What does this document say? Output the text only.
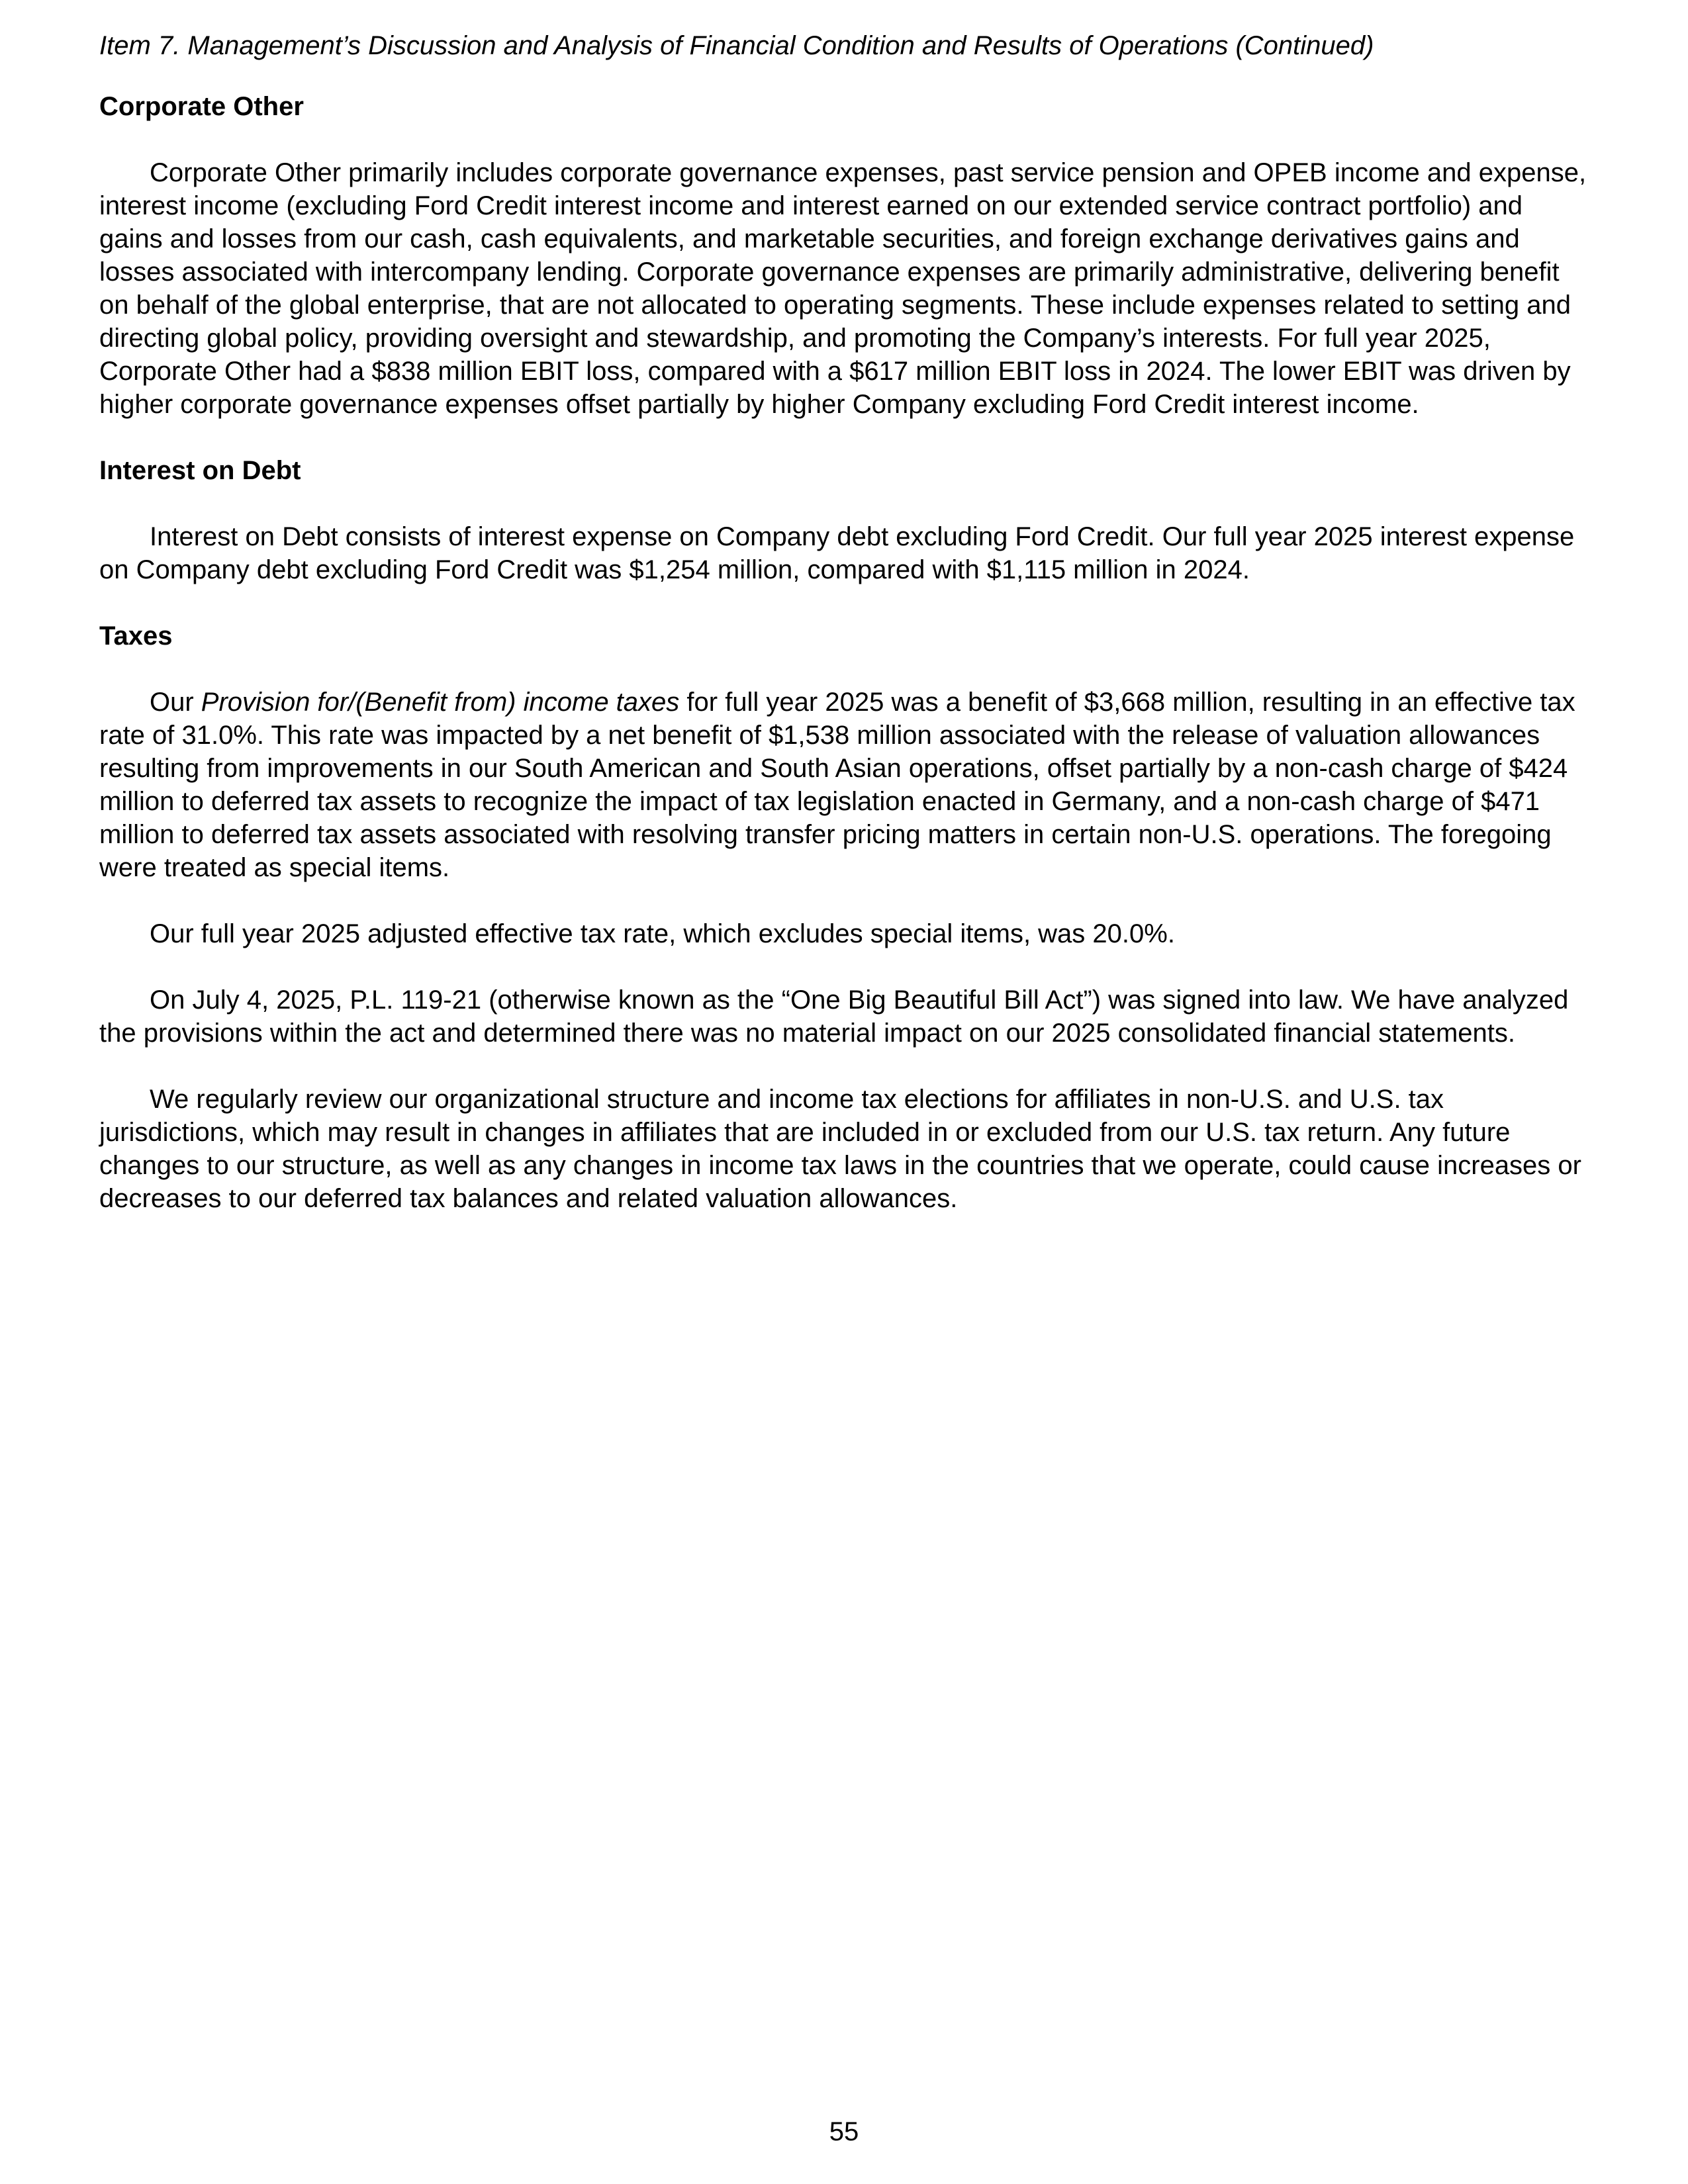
Item 7. Management’s Discussion and Analysis of Financial Condition and Results of Operations (Continued)
Corporate Other

Corporate Other primarily includes corporate governance expenses, past service pension and OPEB income and expense, interest income (excluding Ford Credit interest income and interest earned on our extended service contract portfolio) and gains and losses from our cash, cash equivalents, and marketable securities, and foreign exchange derivatives gains and losses associated with intercompany lending. Corporate governance expenses are primarily administrative, delivering benefit on behalf of the global enterprise, that are not allocated to operating segments. These include expenses related to setting and directing global policy, providing oversight and stewardship, and promoting the Company’s interests. For full year 2025, Corporate Other had a $838 million EBIT loss, compared with a $617 million EBIT loss in 2024. The lower EBIT was driven by higher corporate governance expenses offset partially by higher Company excluding Ford Credit interest income.

Interest on Debt

Interest on Debt consists of interest expense on Company debt excluding Ford Credit. Our full year 2025 interest expense on Company debt excluding Ford Credit was $1,254 million, compared with $1,115 million in 2024.

Taxes

Our Provision for/(Benefit from) income taxes for full year 2025 was a benefit of $3,668 million, resulting in an effective tax rate of 31.0%. This rate was impacted by a net benefit of $1,538 million associated with the release of valuation allowances resulting from improvements in our South American and South Asian operations, offset partially by a non-cash charge of $424 million to deferred tax assets to recognize the impact of tax legislation enacted in Germany, and a non-cash charge of $471 million to deferred tax assets associated with resolving transfer pricing matters in certain non-U.S. operations. The foregoing were treated as special items.

Our full year 2025 adjusted effective tax rate, which excludes special items, was 20.0%.

On July 4, 2025, P.L. 119-21 (otherwise known as the “One Big Beautiful Bill Act”) was signed into law. We have analyzed the provisions within the act and determined there was no material impact on our 2025 consolidated financial statements.

We regularly review our organizational structure and income tax elections for affiliates in non-U.S. and U.S. tax jurisdictions, which may result in changes in affiliates that are included in or excluded from our U.S. tax return. Any future changes to our structure, as well as any changes in income tax laws in the countries that we operate, could cause increases or decreases to our deferred tax balances and related valuation allowances.

55
